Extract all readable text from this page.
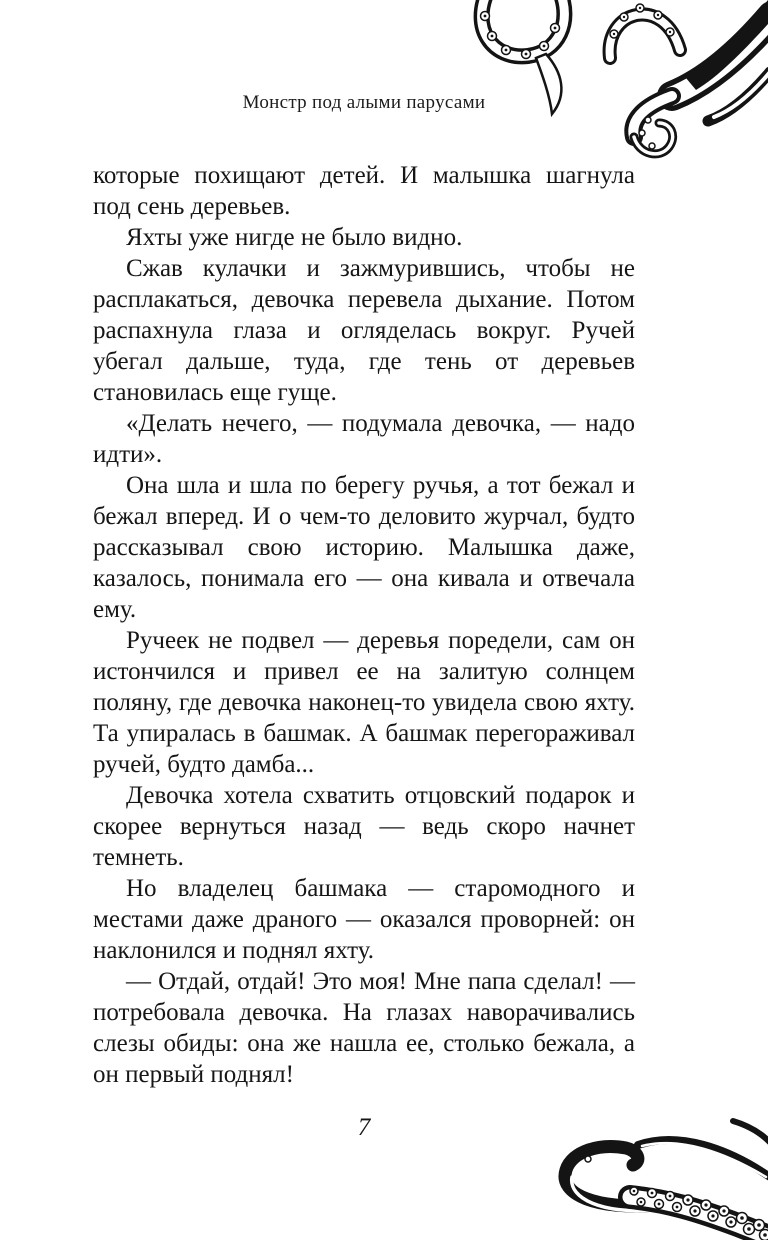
Монстр под алыми парусами

которые похищают детей. И малышка шагнула под сень деревьев.

Яхты уже нигде не было видно.

Сжав кулачки и зажмурившись, чтобы не расплакаться, девочка перевела дыхание. Потом распахнула глаза и огляделась вокруг. Ручей убегал дальше, туда, где тень от деревьев становилась еще гуще.

«Делать нечего, — подумала девочка, — надо идти».

Она шла и шла по берегу ручья, а тот бежал и бежал вперед. И о чем-то деловито журчал, будто рассказывал свою историю. Малышка даже, казалось, понимала его — она кивала и отвечала ему.

Ручеек не подвел — деревья поредели, сам он истончился и привел ее на залитую солнцем поляну, где девочка наконец-то увидела свою яхту. Та упиралась в башмак. А башмак перегораживал ручей, будто дамба...

Девочка хотела схватить отцовский подарок и скорее вернуться назад — ведь скоро начнет темнеть.

Но владелец башмака — старомодного и местами даже драного — оказался проворней: он наклонился и поднял яхту.

— Отдай, отдай! Это моя! Мне папа сделал! — потребовала девочка. На глазах наворачивались слезы обиды: она же нашла ее, столько бежала, а он первый поднял!

7
